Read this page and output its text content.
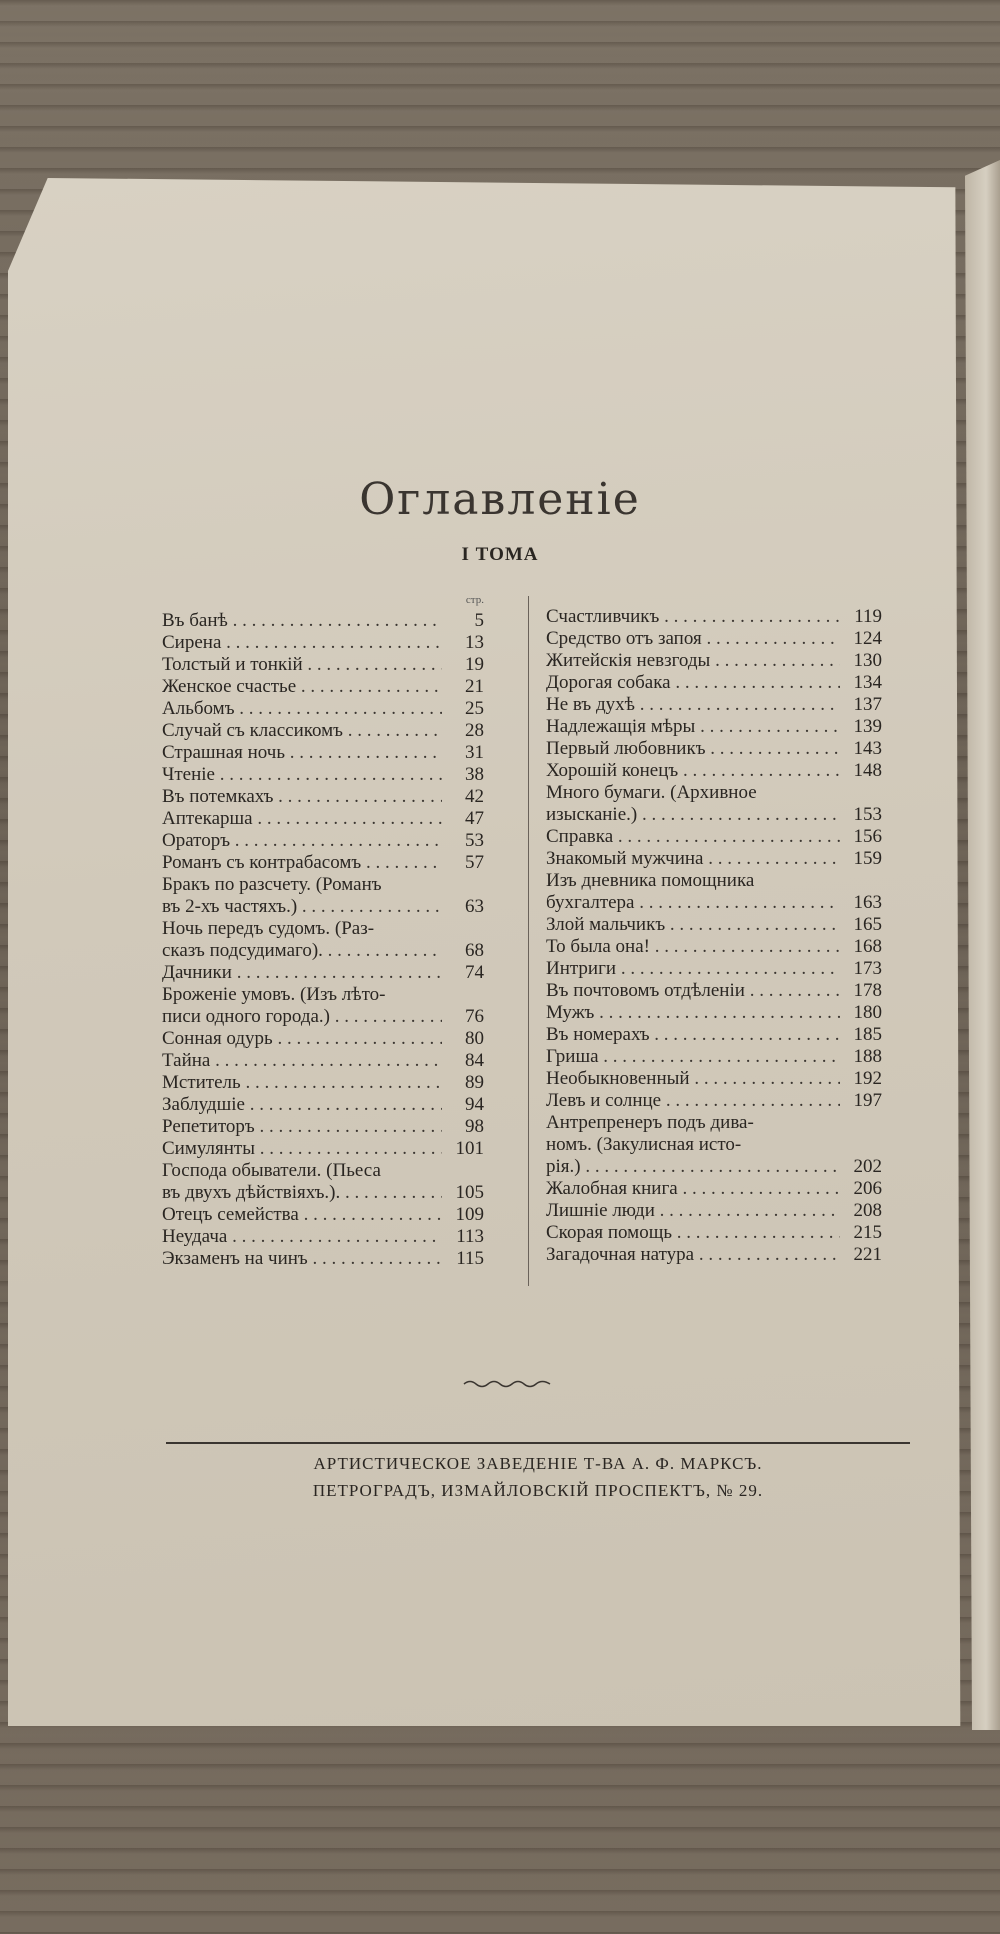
Оглавленіе
I ТОМА
стр.
Въ банѣ . . .	5
Сирена . . .	13
Толстый и тонкій . . .	19
Женское счастье . . .	21
Альбомъ . . .	25
Случай съ классикомъ . . .	28
Страшная ночь . . .	31
Чтеніе . . .	38
Въ потемкахъ . . .	42
Аптекарша . . .	47
Ораторъ . . .	53
Романъ съ контрабасомъ . . .	57
Бракъ по разсчету. (Романъ
въ 2-хъ частяхъ.) . . .	63
Ночь передъ судомъ. (Раз-
сказъ подсудимаго). . . .	68
Дачники . . .	74
Броженіе умовъ. (Изъ лѣто-
писи одного города.) . . .	76
Сонная одурь . . .	80
Тайна . . .	84
Мститель . . .	89
Заблудшіе . . .	94
Репетиторъ . . .	98
Симулянты . . .	101
Господа обыватели. (Пьеса
въ двухъ дѣйствіяхъ.). . . .	105
Отецъ семейства . . .	109
Неудача . . .	113
Экзаменъ на чинъ . . .	115
Счастливчикъ . . .	119
Средство отъ запоя . . .	124
Житейскія невзгоды . . .	130
Дорогая собака . . .	134
Не въ духѣ . . .	137
Надлежащія мѣры . . .	139
Первый любовникъ . . .	143
Хорошій конецъ . . .	148
Много бумаги. (Архивное
изысканіе.) . . .	153
Справка . . .	156
Знакомый мужчина . . .	159
Изъ дневника помощника
бухгалтера . . .	163
Злой мальчикъ . . .	165
То была она! . . .	168
Интриги . . .	173
Въ почтовомъ отдѣленіи . . .	178
Мужъ . . .	180
Въ номерахъ . . .	185
Гриша . . .	188
Необыкновенный . . .	192
Левъ и солнце . . .	197
Антрепренеръ подъ дива-
номъ. (Закулисная исто-
рія.) . . .	202
Жалобная книга . . .	206
Лишніе люди . . .	208
Скорая помощь . . .	215
Загадочная натура . . .	221
АРТИСТИЧЕСКОЕ ЗАВЕДЕНІЕ Т-ВА А. Ф. МАРКСЪ.
ПЕТРОГРАДЪ, ИЗМАЙЛОВСКІЙ ПРОСПЕКТЪ, № 29.
